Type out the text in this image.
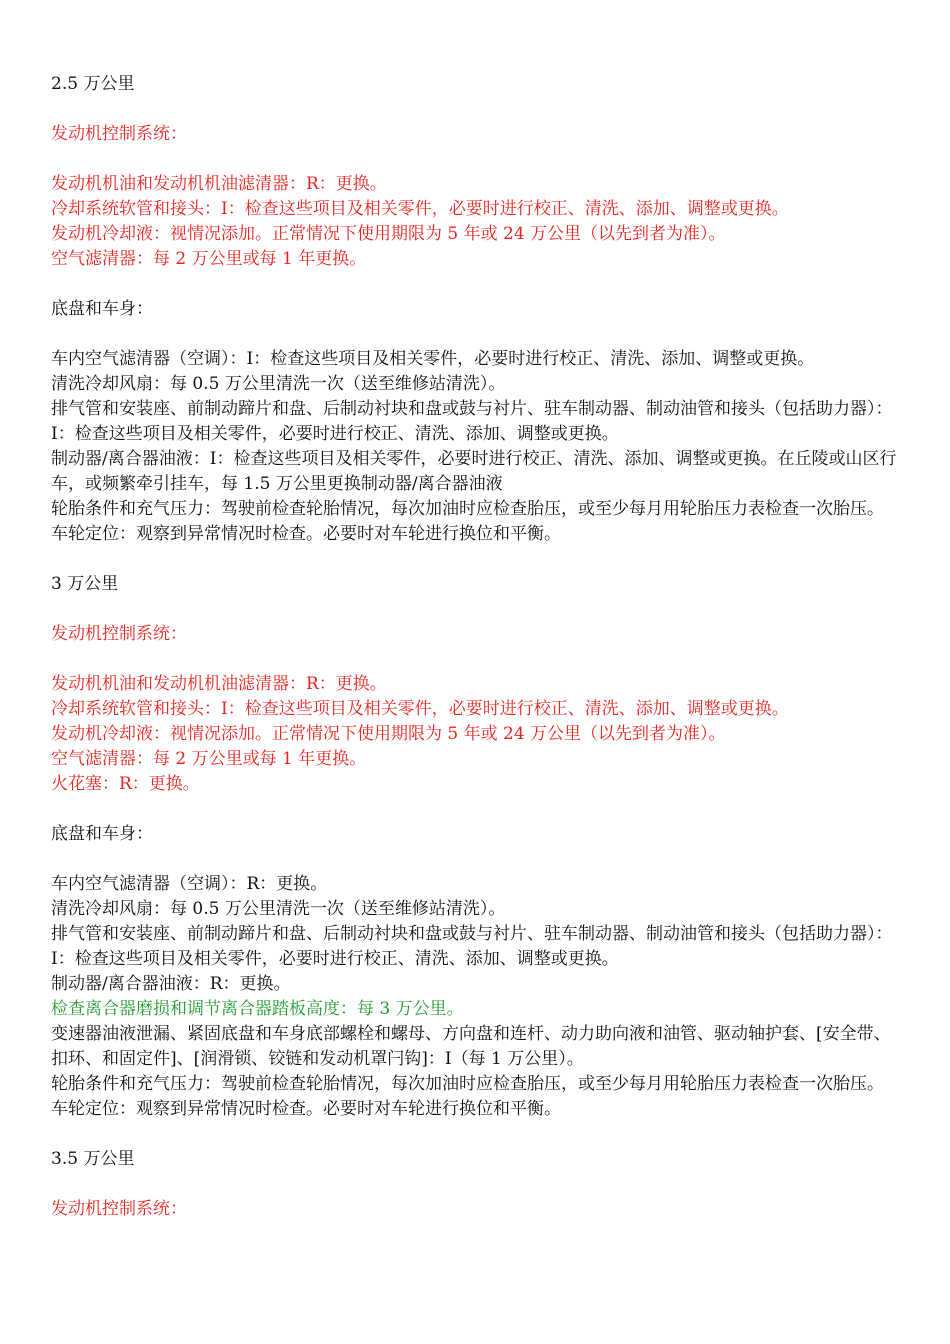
2.5 万公里

发动机控制系统：

发动机机油和发动机机油滤清器：R：更换。

冷却系统软管和接头：I：检查这些项目及相关零件，必要时进行校正、清洗、添加、调整或更换。

发动机冷却液：视情况添加。正常情况下使用期限为 5 年或 24 万公里（以先到者为准）。

空气滤清器：每 2 万公里或每 1 年更换。

底盘和车身：

车内空气滤清器（空调）：I：检查这些项目及相关零件，必要时进行校正、清洗、添加、调整或更换。

清洗冷却风扇：每 0.5 万公里清洗一次（送至维修站清洗）。

排气管和安装座、前制动蹄片和盘、后制动衬块和盘或鼓与衬片、驻车制动器、制动油管和接头（包括助力器）：I：检查这些项目及相关零件，必要时进行校正、清洗、添加、调整或更换。

制动器/离合器油液：I：检查这些项目及相关零件，必要时进行校正、清洗、添加、调整或更换。在丘陵或山区行车，或频繁牵引挂车，每 1.5 万公里更换制动器/离合器油液

轮胎条件和充气压力：驾驶前检查轮胎情况，每次加油时应检查胎压，或至少每月用轮胎压力表检查一次胎压。

车轮定位：观察到异常情况时检查。必要时对车轮进行换位和平衡。

3 万公里

发动机控制系统：

发动机机油和发动机机油滤清器：R：更换。

冷却系统软管和接头：I：检查这些项目及相关零件，必要时进行校正、清洗、添加、调整或更换。

发动机冷却液：视情况添加。正常情况下使用期限为 5 年或 24 万公里（以先到者为准）。

空气滤清器：每 2 万公里或每 1 年更换。

火花塞：R：更换。

底盘和车身：

车内空气滤清器（空调）：R：更换。

清洗冷却风扇：每 0.5 万公里清洗一次（送至维修站清洗）。

排气管和安装座、前制动蹄片和盘、后制动衬块和盘或鼓与衬片、驻车制动器、制动油管和接头（包括助力器）：I：检查这些项目及相关零件，必要时进行校正、清洗、添加、调整或更换。

制动器/离合器油液：R：更换。

检查离合器磨损和调节离合器踏板高度：每 3 万公里。

变速器油液泄漏、紧固底盘和车身底部螺栓和螺母、方向盘和连杆、动力助向液和油管、驱动轴护套、[安全带、扣环、和固定件]、[润滑锁、铰链和发动机罩闩钩]：I（每 1 万公里）。

轮胎条件和充气压力：驾驶前检查轮胎情况，每次加油时应检查胎压，或至少每月用轮胎压力表检查一次胎压。

车轮定位：观察到异常情况时检查。必要时对车轮进行换位和平衡。

3.5 万公里

发动机控制系统：
